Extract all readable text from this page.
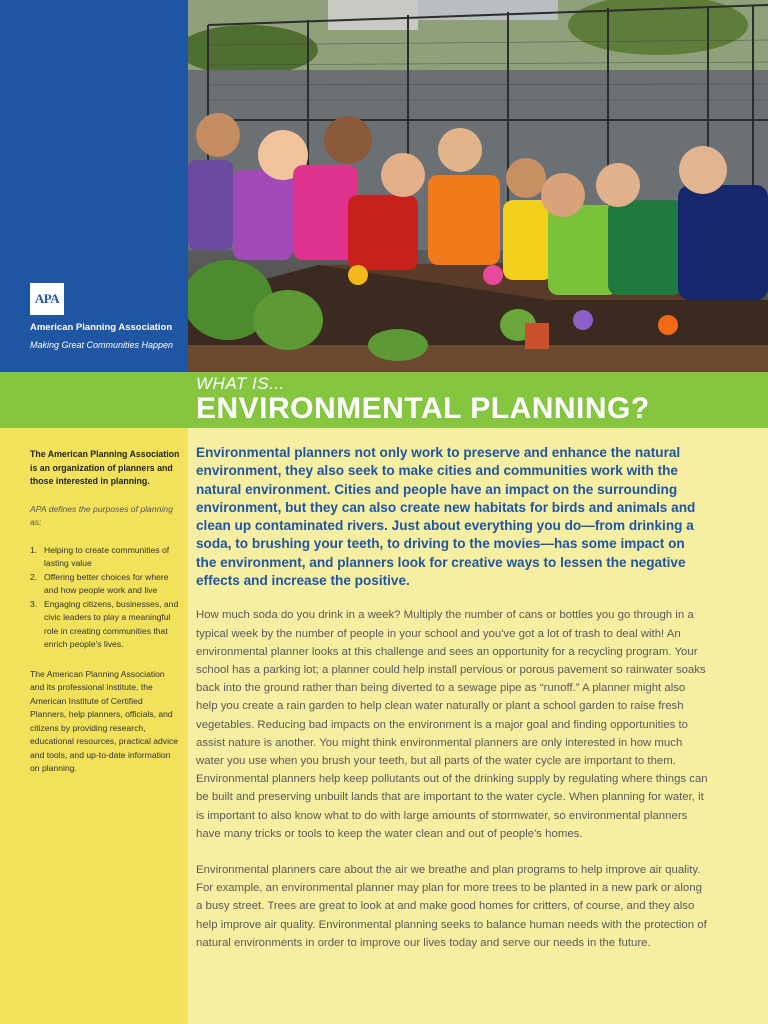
APA
American Planning Association
Making Great Communities Happen
WHAT IS...
ENVIRONMENTAL PLANNING?

The American Planning Association is an organization of planners and those interested in planning.

APA defines the purposes of planning as:

1. Helping to create communities of lasting value
2. Offering better choices for where and how people work and live
3. Engaging citizens, businesses, and civic leaders to play a meaningful role in creating communities that enrich people's lives.

The American Planning Association and its professional institute, the American Institute of Certified Planners, help planners, officials, and citizens by providing research, educational resources, practical advice and tools, and up-to-date information on planning.

Environmental planners not only work to preserve and enhance the natural environment, they also seek to make cities and communities work with the natural environment. Cities and people have an impact on the surrounding environment, but they can also create new habitats for birds and animals and clean up contaminated rivers. Just about everything you do—from drinking a soda, to brushing your teeth, to driving to the movies—has some impact on the environment, and planners look for creative ways to lessen the negative effects and increase the positive.

How much soda do you drink in a week? Multiply the number of cans or bottles you go through in a typical week by the number of people in your school and you've got a lot of trash to deal with! An environmental planner looks at this challenge and sees an opportunity for a recycling program. Your school has a parking lot; a planner could help install pervious or porous pavement so rainwater soaks back into the ground rather than being diverted to a sewage pipe as “runoff.” A planner might also help you create a rain garden to help clean water naturally or plant a school garden to raise fresh vegetables. Reducing bad impacts on the environment is a major goal and finding opportunities to assist nature is another. You might think environmental planners are only interested in how much water you use when you brush your teeth, but all parts of the water cycle are important to them. Environmental planners help keep pollutants out of the drinking supply by regulating where things can be built and preserving unbuilt lands that are important to the water cycle. When planning for water, it is important to also know what to do with large amounts of stormwater, so environmental planners have many tricks or tools to keep the water clean and out of people's homes.

Environmental planners care about the air we breathe and plan programs to help improve air quality. For example, an environmental planner may plan for more trees to be planted in a new park or along a busy street. Trees are great to look at and make good homes for critters, of course, and they also help improve air quality. Environmental planning seeks to balance human needs with the protection of natural environments in order to improve our lives today and serve our needs in the future.
